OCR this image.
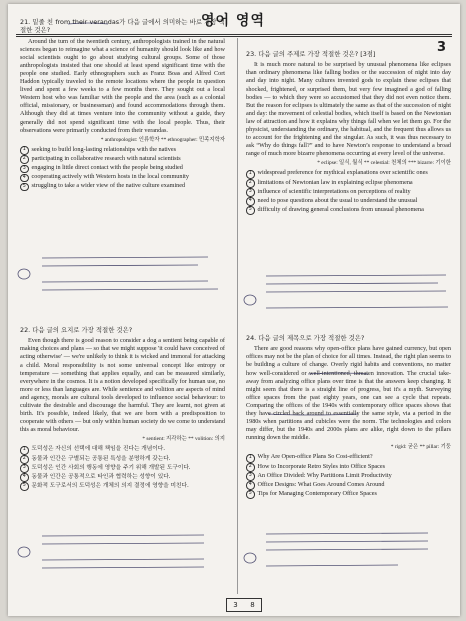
영어 영역
3
21. 밑줄 친 from their verandas가 다음 글에서 의미하는 바로 가장 적절한 것은?

Around the turn of the twentieth century, anthropologists trained in the natural sciences began to reimagine what a science of humanity should look like and how social scientists ought to go about studying cultural groups. Some of those anthropologists insisted that one should at least spend significant time with the people one studied. Early ethnographers such as Franz Boas and Alfred Cort Haddon typically traveled to the remote locations where the people in question lived and spent a few weeks to a few months there. They sought out a local Western host who was familiar with the people and the area (such as a colonial official, missionary, or businessman) and found accommodations through them. Although they did at times venture into the community without a guide, they generally did not spend significant time with the local people. Thus, their observations were primarily conducted from their verandas.

* anthropologist: 인류학자 ** ethnographer: 민족지학자
1 seeking to build long-lasting relationships with the natives
2 participating in collaborative research with natural scientists
3 engaging in little direct contact with the people being studied
4 cooperating actively with Western hosts in the local community
5 struggling to take a wider view of the native culture examined
23. 다음 글의 주제로 가장 적절한 것은? [3점]

It is much more natural to be surprised by unusual phenomena like eclipses than ordinary phenomena like falling bodies or the succession of night into day and day into night. Many cultures invented gods to explain these eclipses that shocked, frightened, or surprised them, but very few imagined a god of falling bodies — to which they were so accustomed that they did not even notice them. But the reason for eclipses is ultimately the same as that of the succession of night and day: the movement of celestial bodies, which itself is based on the Newtonian law of attraction and how it explains why things fall when we let them go. For the physicist, understanding the ordinary, the habitual, and the frequent thus allows us to account for the frightening and the singular. As such, it was thus necessary to ask “Why do things fall?” and to have Newton’s response to understand a broad range of much more bizarre phenomena occurring at every level of the universe.

* eclipse: 일식, 월식 ** celestial: 천체의 *** bizarre: 기이한
1 widespread preference for mythical explanations over scientific ones
2 limitations of Newtonian law in explaining eclipse phenomena
3 influence of scientific interpretations on perceptions of reality
4 need to pose questions about the usual to understand the unusual
5 difficulty of drawing general conclusions from unusual phenomena
22. 다음 글의 요지로 가장 적절한 것은?

Even though there is good reason to consider a dog a sentient being capable of making choices and plans — so that we might suppose 'it could have conceived of acting otherwise' — we're unlikely to think it is wicked and immoral for attacking a child. Moral responsibility is not some universal concept like entropy or temperature — something that applies equally, and can be measured similarly, everywhere in the cosmos. It is a notion developed specifically for human use, no more or less than languages are. While sentience and volition are aspects of mind and agency, morals are cultural tools developed to influence social behaviour: to cultivate the desirable and discourage the harmful. They are learnt, not given at birth. It's possible, indeed likely, that we are born with a predisposition to cooperate with others — but only within human society do we come to understand this as moral behaviour.

* sentient: 지각하는 ** volition: 의지
1	도덕성은 자신의 선택에 대해 책임을 진다는 개념이다.
2	동물과 인간은 구별되는 공통된 특성을 분명하게 갖는다.
3	도덕성은 인간 사회의 행동에 영향을 주기 위해 개발된 도구이다.
4	동물과 인간은 공통적으로 타인과 협력하는 성향이 있다.
5	문화적 도구로서의 도덕성은 개체의 의지 결정에 영향을 미친다.
24. 다음 글의 제목으로 가장 적절한 것은?

There are good reasons why open-office plans have gained currency, but open offices may not be the plan of choice for all times. Instead, the right plan seems to be building a culture of change. Overly rigid habits and conventions, no matter how well-considered or well-intentioned, threaten innovation. The crucial take-away from analyzing office plans over time is that the answers keep changing. It might seem that there is a straight line of progress, but it's a myth. Surveying office spaces from the past eighty years, one can see a cycle that repeats. Comparing the offices of the 1940s with contemporary office spaces shows that they have circled back around to essentially the same style, via a period in the 1980s when partitions and cubicles were the norm. The technologies and colors may differ, but the 1940s and 2000s plans are alike, right down to the pillars running down the middle.

* rigid: 굳은 ** pillar: 기둥
1 Why Are Open-office Plans So Cost-efficient?
2 How to Incorporate Retro Styles into Office Spaces
3 An Office Divided: Why Partitions Limit Productivity
4 Office Designs: What Goes Around Comes Around
5 Tips for Managing Contemporary Office Spaces
3 8
